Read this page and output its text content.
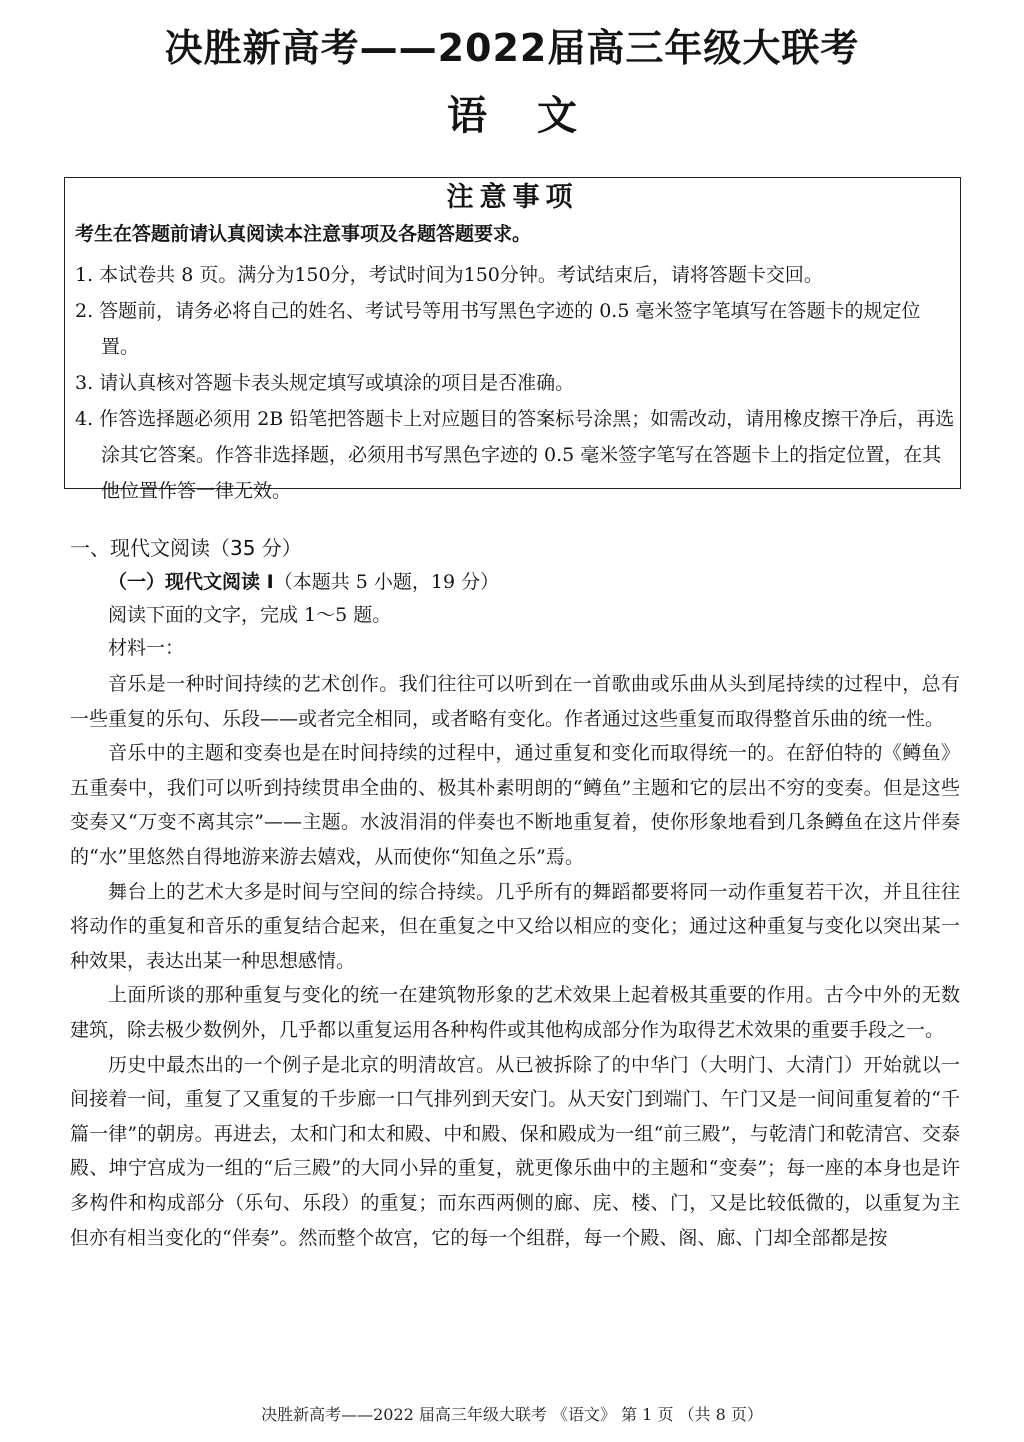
决胜新高考——2022届高三年级大联考
语 文
注意事项
考生在答题前请认真阅读本注意事项及各题答题要求。
1. 本试卷共 8 页。满分为150分，考试时间为150分钟。考试结束后，请将答题卡交回。
2. 答题前，请务必将自己的姓名、考试号等用书写黑色字迹的 0.5 毫米签字笔填写在答题卡的规定位置。
3. 请认真核对答题卡表头规定填写或填涂的项目是否准确。
4. 作答选择题必须用 2B 铅笔把答题卡上对应题目的答案标号涂黑；如需改动，请用橡皮擦干净后，再选涂其它答案。作答非选择题，必须用书写黑色字迹的 0.5 毫米签字笔写在答题卡上的指定位置，在其他位置作答一律无效。
一、现代文阅读（35 分）
（一）现代文阅读 I（本题共 5 小题，19 分）
阅读下面的文字，完成 1～5 题。
材料一：

音乐是一种时间持续的艺术创作。我们往往可以听到在一首歌曲或乐曲从头到尾持续的过程中，总有一些重复的乐句、乐段——或者完全相同，或者略有变化。作者通过这些重复而取得整首乐曲的统一性。

音乐中的主题和变奏也是在时间持续的过程中，通过重复和变化而取得统一的。在舒伯特的《鳟鱼》五重奏中，我们可以听到持续贯串全曲的、极其朴素明朗的“鳟鱼”主题和它的层出不穷的变奏。但是这些变奏又“万变不离其宗”——主题。水波涓涓的伴奏也不断地重复着，使你形象地看到几条鳟鱼在这片伴奏的“水”里悠然自得地游来游去嬉戏，从而使你“知鱼之乐”焉。

舞台上的艺术大多是时间与空间的综合持续。几乎所有的舞蹈都要将同一动作重复若干次，并且往往将动作的重复和音乐的重复结合起来，但在重复之中又给以相应的变化；通过这种重复与变化以突出某一种效果，表达出某一种思想感情。

上面所谈的那种重复与变化的统一在建筑物形象的艺术效果上起着极其重要的作用。古今中外的无数建筑，除去极少数例外，几乎都以重复运用各种构件或其他构成部分作为取得艺术效果的重要手段之一。

历史中最杰出的一个例子是北京的明清故宫。从已被拆除了的中华门（大明门、大清门）开始就以一间接着一间，重复了又重复的千步廊一口气排列到天安门。从天安门到端门、午门又是一间间重复着的“千篇一律”的朝房。再进去，太和门和太和殿、中和殿、保和殿成为一组“前三殿”，与乾清门和乾清宫、交泰殿、坤宁宫成为一组的“后三殿”的大同小异的重复，就更像乐曲中的主题和“变奏”；每一座的本身也是许多构件和构成部分（乐句、乐段）的重复；而东西两侧的廊、庑、楼、门，又是比较低微的，以重复为主但亦有相当变化的“伴奏”。然而整个故宫，它的每一个组群，每一个殿、阁、廊、门却全部都是按

决胜新高考——2022 届高三年级大联考 《语文》 第 1 页 （共 8 页）
